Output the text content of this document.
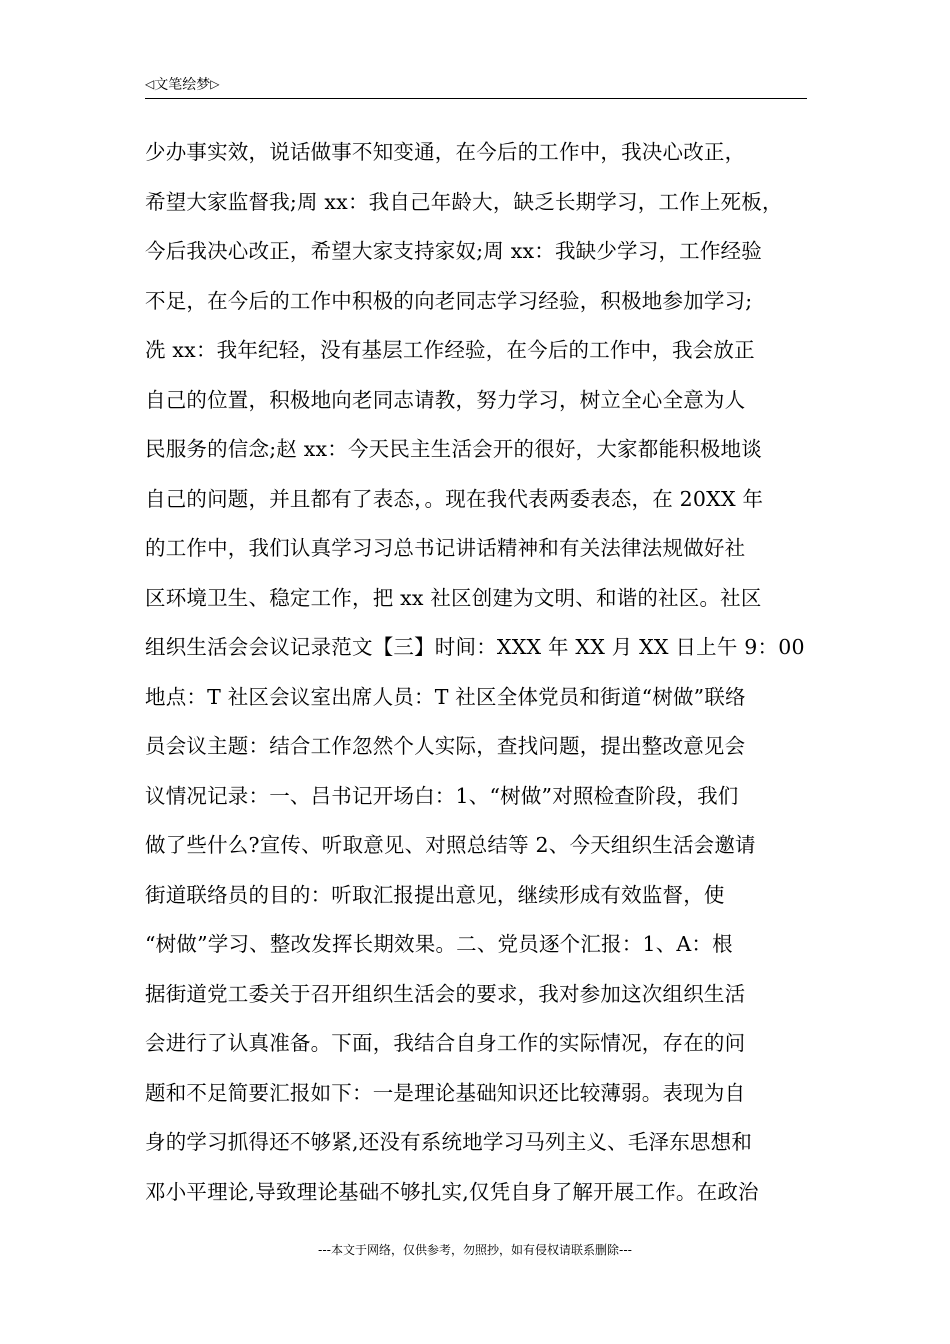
◁文笔绘梦▷
少办事实效，说话做事不知变通，在今后的工作中，我决心改正，
希望大家监督我;周 xx：我自己年龄大，缺乏长期学习，工作上死板，
今后我决心改正，希望大家支持家奴;周 xx：我缺少学习，工作经验
不足，在今后的工作中积极的向老同志学习经验，积极地参加学习;
冼 xx：我年纪轻，没有基层工作经验，在今后的工作中，我会放正
自己的位置，积极地向老同志请教，努力学习，树立全心全意为人
民服务的信念;赵 xx：今天民主生活会开的很好，大家都能积极地谈
自己的问题，并且都有了表态，。现在我代表两委表态，在 20XX 年
的工作中，我们认真学习习总书记讲话精神和有关法律法规做好社
区环境卫生、稳定工作，把 xx 社区创建为文明、和谐的社区。社区
组织生活会会议记录范文【三】时间：XXX 年 XX 月 XX 日上午 9：00
地点：T 社区会议室出席人员：T 社区全体党员和街道“树做”联络
员会议主题：结合工作忽然个人实际，查找问题，提出整改意见会
议情况记录：一、吕书记开场白：1、“树做”对照检查阶段，我们
做了些什么?宣传、听取意见、对照总结等 2、今天组织生活会邀请
街道联络员的目的：听取汇报提出意见，继续形成有效监督，使
“树做”学习、整改发挥长期效果。二、党员逐个汇报：1、A：根
据街道党工委关于召开组织生活会的要求，我对参加这次组织生活
会进行了认真准备。下面，我结合自身工作的实际情况，存在的问
题和不足简要汇报如下：一是理论基础知识还比较薄弱。表现为自
身的学习抓得还不够紧,还没有系统地学习马列主义、毛泽东思想和
邓小平理论,导致理论基础不够扎实,仅凭自身了解开展工作。在政治
---本文于网络，仅供参考，勿照抄，如有侵权请联系删除---
